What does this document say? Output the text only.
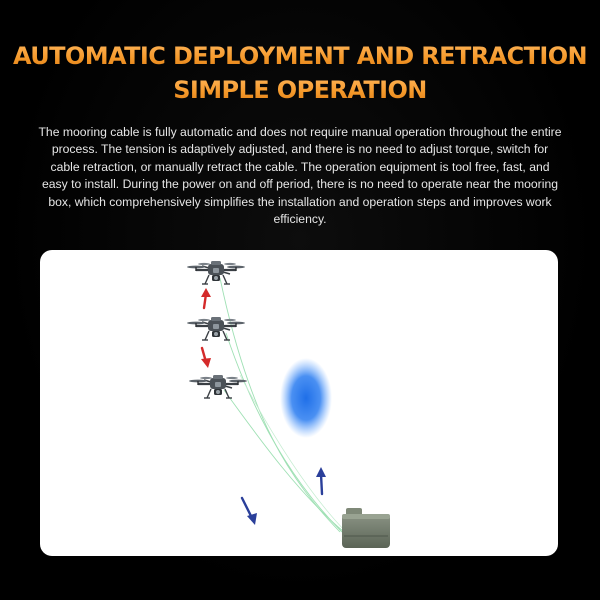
AUTOMATIC DEPLOYMENT AND RETRACTION
SIMPLE OPERATION

The mooring cable is fully automatic and does not require manual operation throughout the entire process. The tension is adaptively adjusted, and there is no need to adjust torque, switch for cable retraction, or manually retract the cable. The operation equipment is tool free, fast, and easy to install. During the power on and off period, there is no need to operate near the mooring box, which comprehensively simplifies the installation and operation steps and improves work efficiency.
